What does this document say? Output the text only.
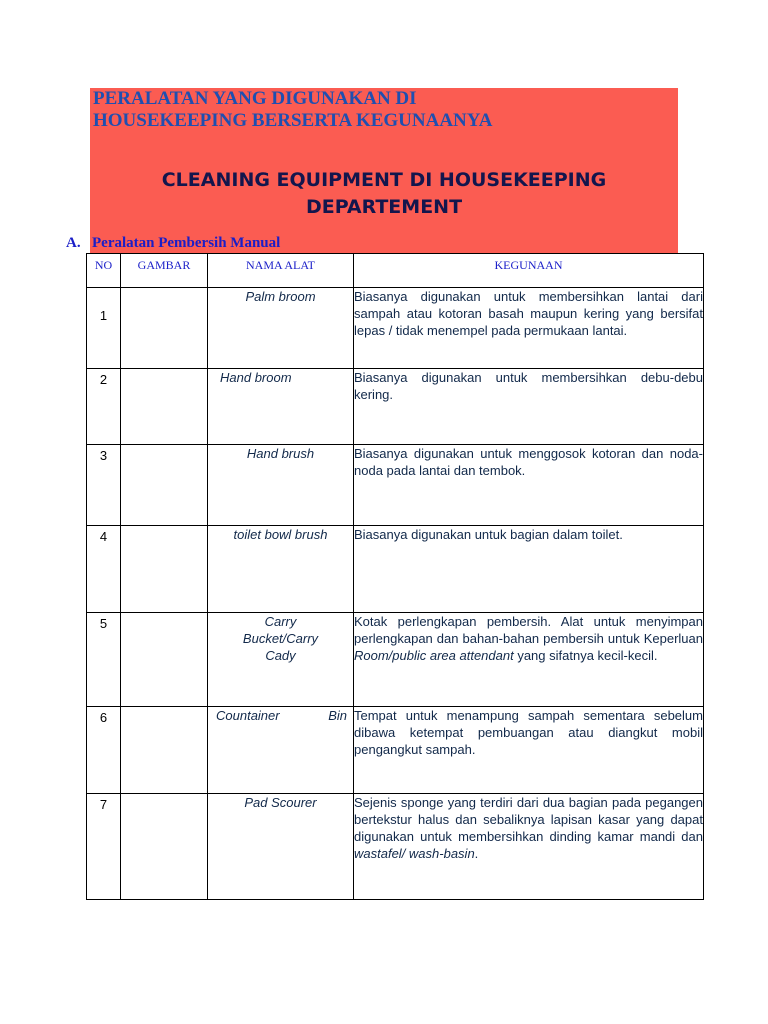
PERALATAN YANG DIGUNAKAN DI
HOUSEKEEPING BERSERTA KEGUNAANYA
CLEANING EQUIPMENT DI HOUSEKEEPING
DEPARTEMENT
A. Peralatan Pembersih Manual
NO	GAMBAR	NAMA ALAT	KEGUNAAN
1		Palm broom	Biasanya digunakan untuk membersihkan lantai dari sampah atau kotoran basah maupun kering yang bersifat lepas / tidak menempel pada permukaan lantai.
2		Hand broom	Biasanya digunakan untuk membersihkan debu-debu kering.
3		Hand brush	Biasanya digunakan untuk menggosok kotoran dan noda-noda pada lantai dan tembok.
4		toilet bowl brush	Biasanya digunakan untuk bagian dalam toilet.
5		Carry Bucket/Carry Cady	Kotak perlengkapan pembersih. Alat untuk menyimpan perlengkapan dan bahan-bahan pembersih untuk Keperluan Room/public area attendant yang sifatnya kecil-kecil.
6		Countainer Bin	Tempat untuk menampung sampah sementara sebelum dibawa ketempat pembuangan atau diangkut mobil pengangkut sampah.
7		Pad Scourer	Sejenis sponge yang terdiri dari dua bagian pada pegangen bertekstur halus dan sebaliknya lapisan kasar yang dapat digunakan untuk membersihkan dinding kamar mandi dan wastafel/ wash-basin.
